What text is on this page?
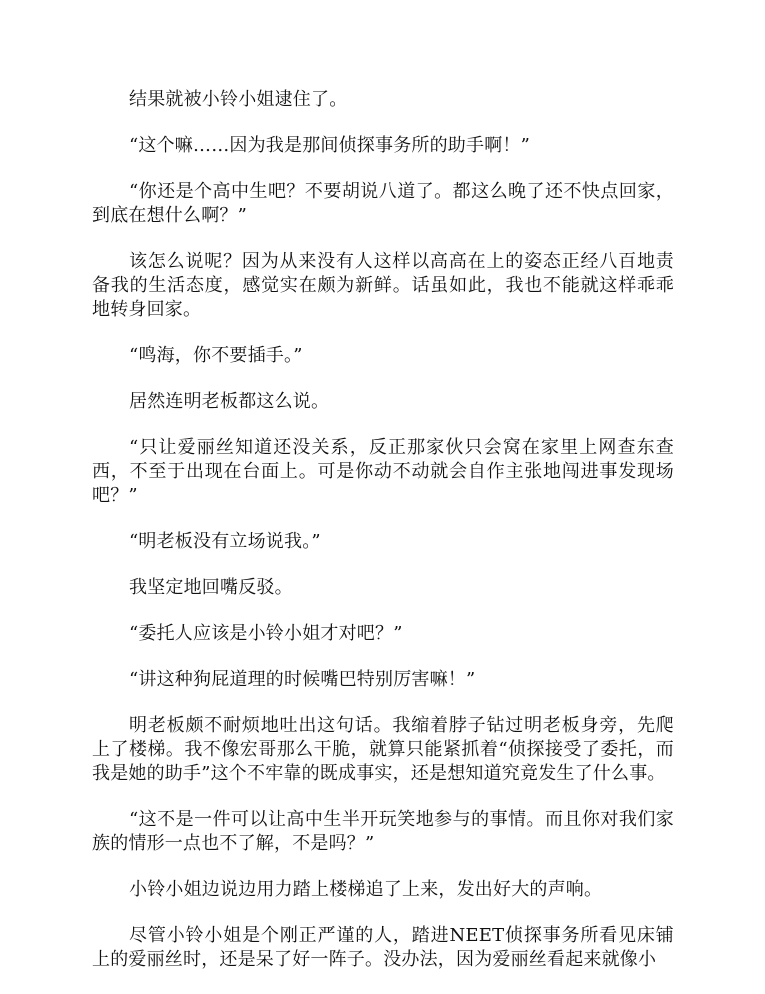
结果就被小铃小姐逮住了。

“这个嘛……因为我是那间侦探事务所的助手啊！”

“你还是个高中生吧？不要胡说八道了。都这么晚了还不快点回家，到底在想什么啊？”

该怎么说呢？因为从来没有人这样以高高在上的姿态正经八百地责备我的生活态度，感觉实在颇为新鲜。话虽如此，我也不能就这样乖乖地转身回家。

“鸣海，你不要插手。”

居然连明老板都这么说。

“只让爱丽丝知道还没关系，反正那家伙只会窝在家里上网查东查西，不至于出现在台面上。可是你动不动就会自作主张地闯进事发现场吧？”

“明老板没有立场说我。”

我坚定地回嘴反驳。

“委托人应该是小铃小姐才对吧？”

“讲这种狗屁道理的时候嘴巴特别厉害嘛！”

明老板颇不耐烦地吐出这句话。我缩着脖子钻过明老板身旁，先爬上了楼梯。我不像宏哥那么干脆，就算只能紧抓着“侦探接受了委托，而我是她的助手”这个不牢靠的既成事实，还是想知道究竟发生了什么事。

“这不是一件可以让高中生半开玩笑地参与的事情。而且你对我们家族的情形一点也不了解，不是吗？”

小铃小姐边说边用力踏上楼梯追了上来，发出好大的声响。

尽管小铃小姐是个刚正严谨的人，踏进NEET侦探事务所看见床铺上的爱丽丝时，还是呆了好一阵子。没办法，因为爱丽丝看起来就像小
